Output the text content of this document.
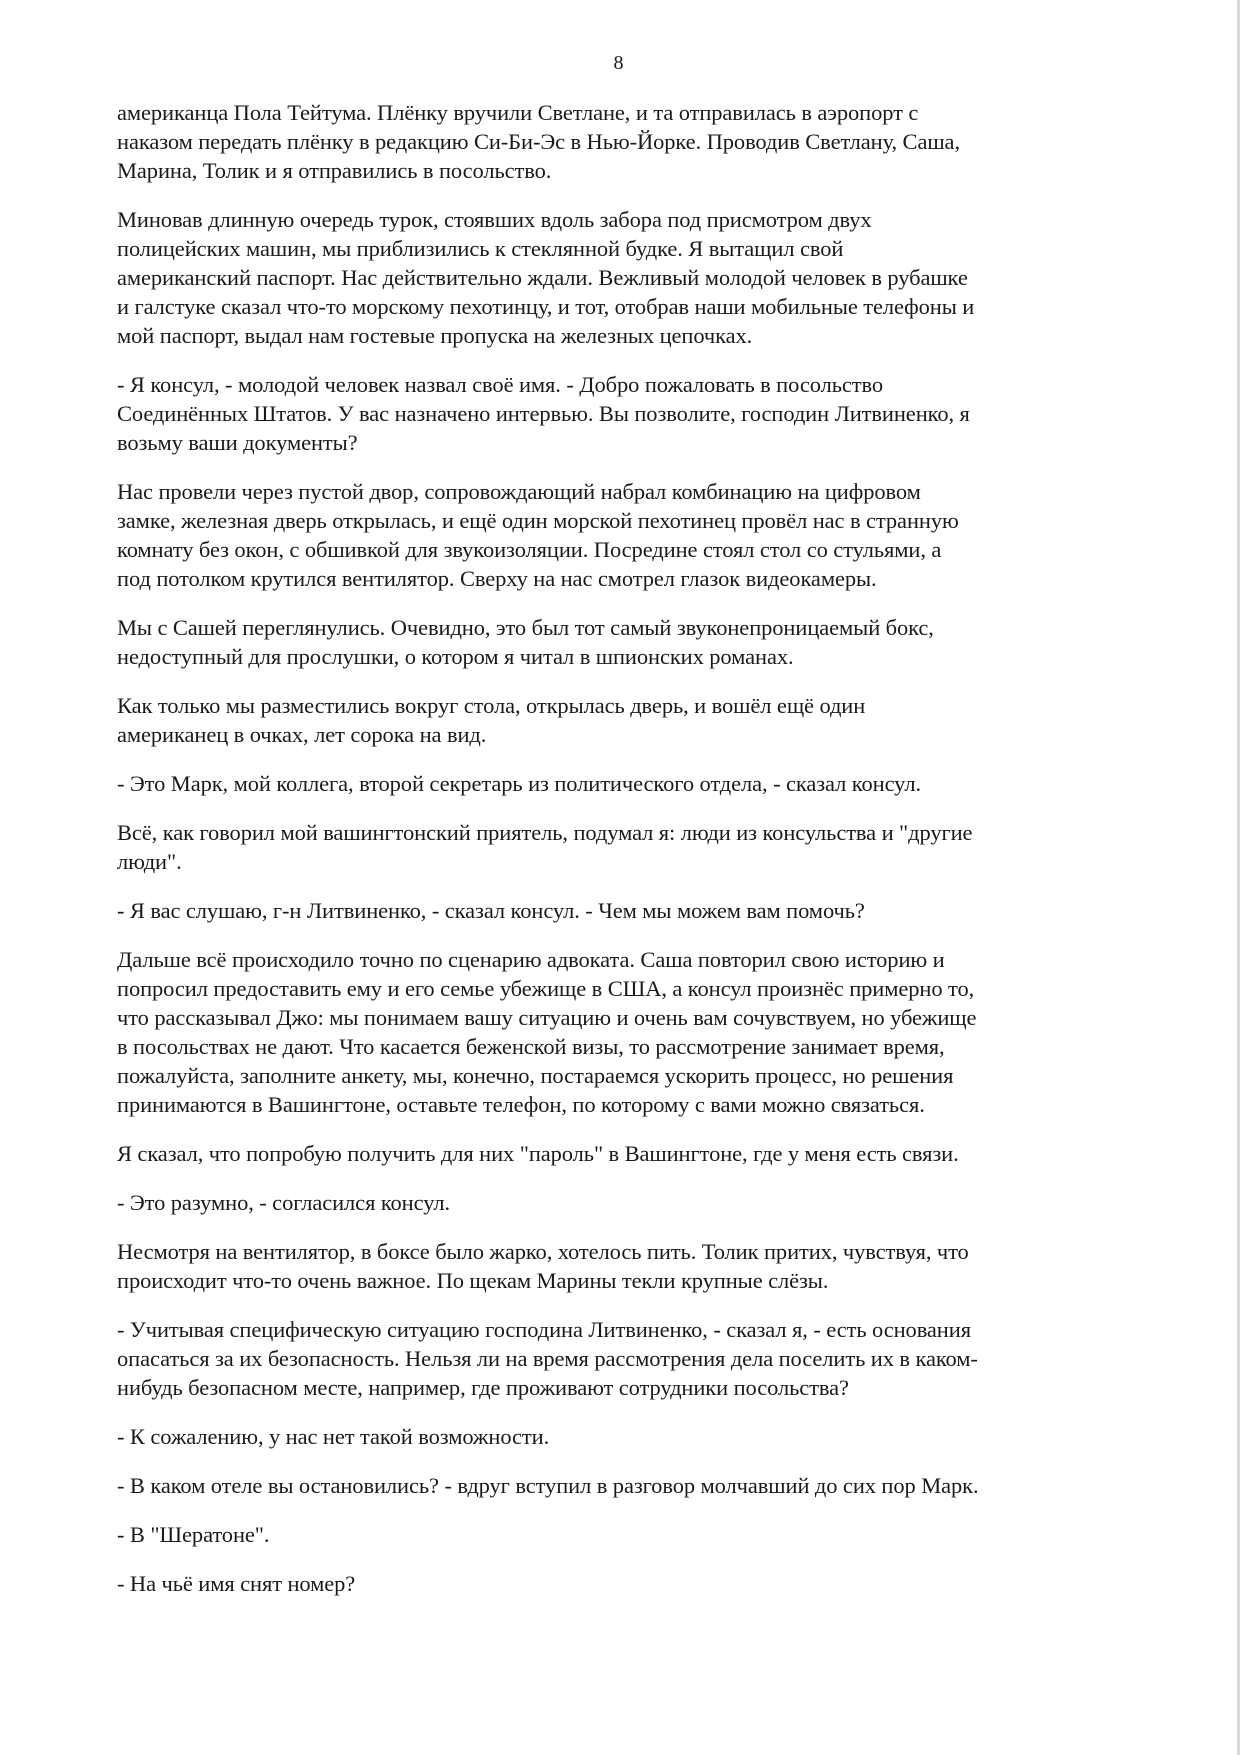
8

американца Пола Тейтума. Плёнку вручили Светлане, и та отправилась в аэропорт с
наказом передать плёнку в редакцию Си-Би-Эс в Нью-Йорке. Проводив Светлану, Саша,
Марина, Толик и я отправились в посольство.

Миновав длинную очередь турок, стоявших вдоль забора под присмотром двух
полицейских машин, мы приблизились к стеклянной будке. Я вытащил свой
американский паспорт. Нас действительно ждали. Вежливый молодой человек в рубашке
и галстуке сказал что-то морскому пехотинцу, и тот, отобрав наши мобильные телефоны и
мой паспорт, выдал нам гостевые пропуска на железных цепочках.

- Я консул, - молодой человек назвал своё имя. - Добро пожаловать в посольство
Соединённых Штатов. У вас назначено интервью. Вы позволите, господин Литвиненко, я
возьму ваши документы?

Нас провели через пустой двор, сопровождающий набрал комбинацию на цифровом
замке, железная дверь открылась, и ещё один морской пехотинец провёл нас в странную
комнату без окон, с обшивкой для звукоизоляции. Посредине стоял стол со стульями, а
под потолком крутился вентилятор. Сверху на нас смотрел глазок видеокамеры.

Мы с Сашей переглянулись. Очевидно, это был тот самый звуконепроницаемый бокс,
недоступный для прослушки, о котором я читал в шпионских романах.

Как только мы разместились вокруг стола, открылась дверь, и вошёл ещё один
американец в очках, лет сорока на вид.

- Это Марк, мой коллега, второй секретарь из политического отдела, - сказал консул.

Всё, как говорил мой вашингтонский приятель, подумал я: люди из консульства и "другие
люди".

- Я вас слушаю, г-н Литвиненко, - сказал консул. - Чем мы можем вам помочь?

Дальше всё происходило точно по сценарию адвоката. Саша повторил свою историю и
попросил предоставить ему и его семье убежище в США, а консул произнёс примерно то,
что рассказывал Джо: мы понимаем вашу ситуацию и очень вам сочувствуем, но убежище
в посольствах не дают. Что касается беженской визы, то рассмотрение занимает время,
пожалуйста, заполните анкету, мы, конечно, постараемся ускорить процесс, но решения
принимаются в Вашингтоне, оставьте телефон, по которому с вами можно связаться.

Я сказал, что попробую получить для них "пароль" в Вашингтоне, где у меня есть связи.

- Это разумно, - согласился консул.

Несмотря на вентилятор, в боксе было жарко, хотелось пить. Толик притих, чувствуя, что
происходит что-то очень важное. По щекам Марины текли крупные слёзы.

- Учитывая специфическую ситуацию господина Литвиненко, - сказал я, - есть основания
опасаться за их безопасность. Нельзя ли на время рассмотрения дела поселить их в каком-
нибудь безопасном месте, например, где проживают сотрудники посольства?

- К сожалению, у нас нет такой возможности.

- В каком отеле вы остановились? - вдруг вступил в разговор молчавший до сих пор Марк.

- В "Шератоне".

- На чьё имя снят номер?
